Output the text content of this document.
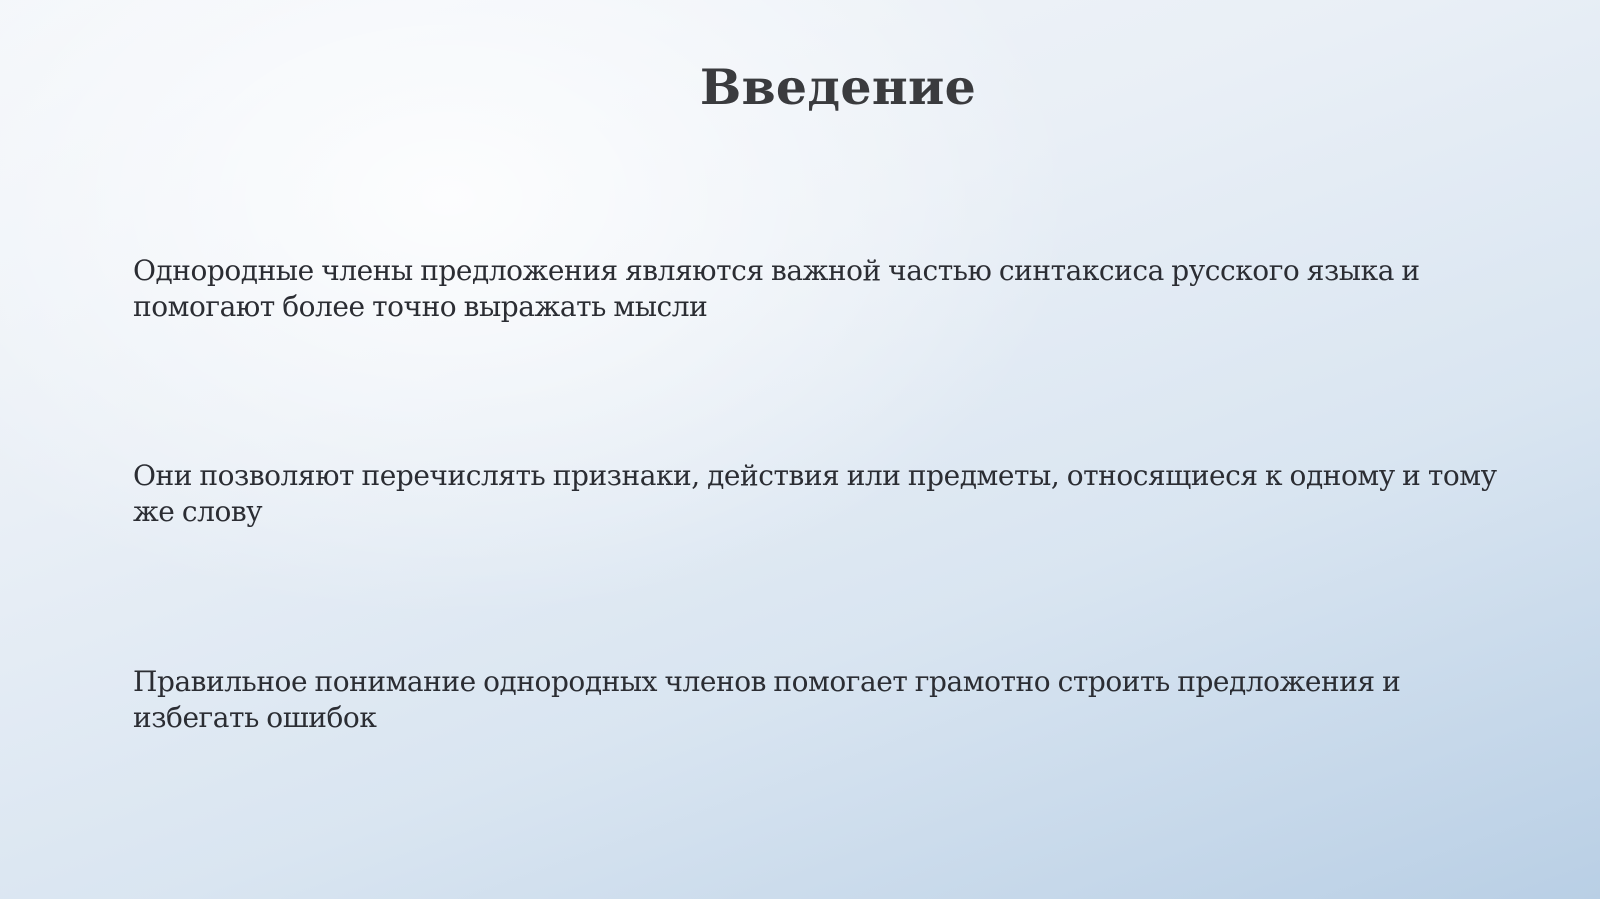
Введение

Однородные члены предложения являются важной частью синтаксиса русского языка и помогают более точно выражать мысли

Они позволяют перечислять признаки, действия или предметы, относящиеся к одному и тому же слову

Правильное понимание однородных членов помогает грамотно строить предложения и избегать ошибок
